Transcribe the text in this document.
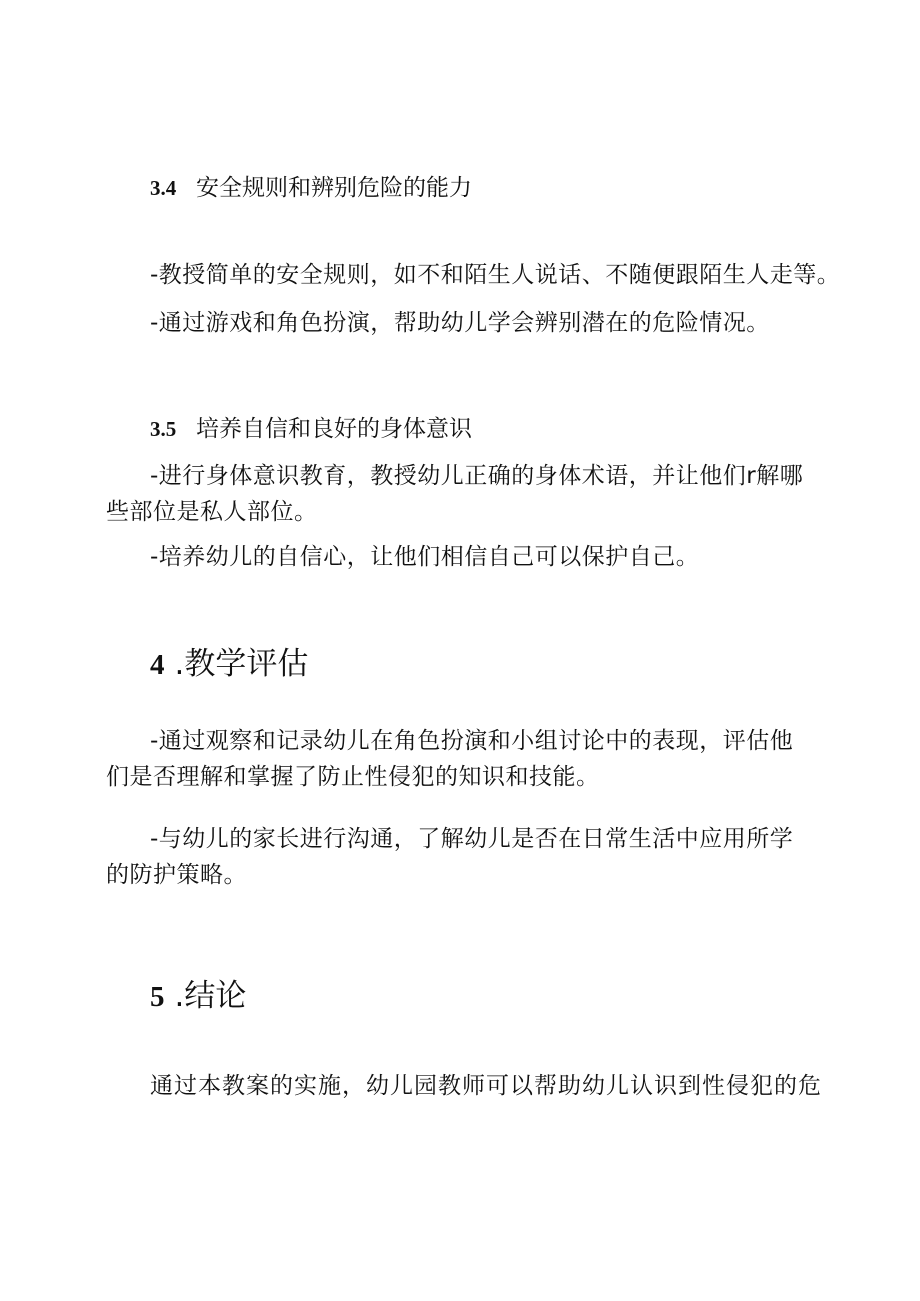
3.4 安全规则和辨别危险的能力
-教授简单的安全规则，如不和陌生人说话、不随便跟陌生人走等。
-通过游戏和角色扮演，帮助幼儿学会辨别潜在的危险情况。
3.5 培养自信和良好的身体意识
-进行身体意识教育，教授幼儿正确的身体术语，并让他们r解哪些部位是私人部位。
-培养幼儿的自信心，让他们相信自己可以保护自己。
4 .教学评估
-通过观察和记录幼儿在角色扮演和小组讨论中的表现，评估他们是否理解和掌握了防止性侵犯的知识和技能。
-与幼儿的家长进行沟通，了解幼儿是否在日常生活中应用所学的防护策略。
5 .结论
通过本教案的实施，幼儿园教师可以帮助幼儿认识到性侵犯的危
